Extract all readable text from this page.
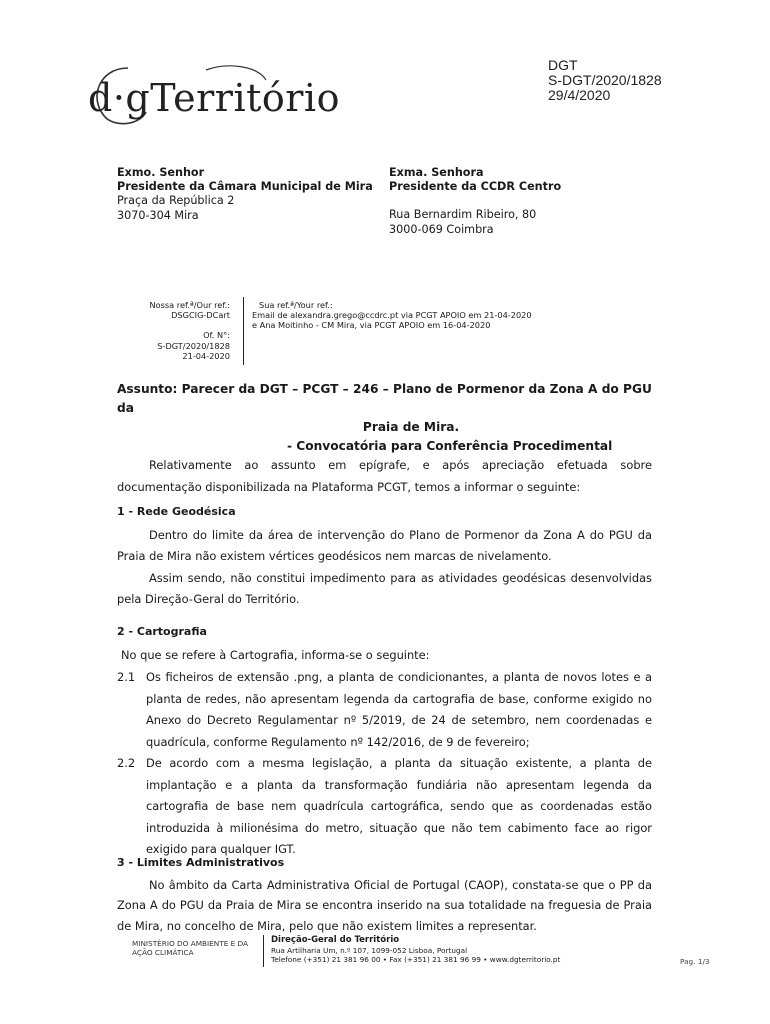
d·gTerritório
DGT
S-DGT/2020/1828
29/4/2020
Exmo. Senhor
Presidente da Câmara Municipal de Mira
Praça da República 2
3070-304 Mira
Exma. Senhora
Presidente da CCDR Centro
Rua Bernardim Ribeiro, 80
3000-069 Coimbra
Nossa ref.ª/Our ref.:
DSGCIG-DCart
Of. N°:
S-DGT/2020/1828
21-04-2020
Sua ref.ª/Your ref.:
Email de alexandra.grego@ccdrc.pt via PCGT APOIO em 21-04-2020
e Ana Moitinho - CM Mira, via PCGT APOIO em 16-04-2020
Assunto: Parecer da DGT – PCGT – 246 – Plano de Pormenor da Zona A do PGU da
Praia de Mira.
- Convocatória para Conferência Procedimental

Relativamente ao assunto em epígrafe, e após apreciação efetuada sobre documentação disponibilizada na Plataforma PCGT, temos a informar o seguinte:

1 - Rede Geodésica

Dentro do limite da área de intervenção do Plano de Pormenor da Zona A do PGU da Praia de Mira não existem vértices geodésicos nem marcas de nivelamento.

Assim sendo, não constitui impedimento para as atividades geodésicas desenvolvidas pela Direção-Geral do Território.

2 - Cartografia

No que se refere à Cartografia, informa-se o seguinte:

2.1 Os ficheiros de extensão .png, a planta de condicionantes, a planta de novos lotes e a planta de redes, não apresentam legenda da cartografia de base, conforme exigido no Anexo do Decreto Regulamentar nº 5/2019, de 24 de setembro, nem coordenadas e quadrícula, conforme Regulamento nº 142/2016, de 9 de fevereiro;

2.2 De acordo com a mesma legislação, a planta da situação existente, a planta de implantação e a planta da transformação fundiária não apresentam legenda da cartografia de base nem quadrícula cartográfica, sendo que as coordenadas estão introduzida à milionésima do metro, situação que não tem cabimento face ao rigor exigido para qualquer IGT.

3 - Limites Administrativos

No âmbito da Carta Administrativa Oficial de Portugal (CAOP), constata-se que o PP da Zona A do PGU da Praia de Mira se encontra inserido na sua totalidade na freguesia de Praia de Mira, no concelho de Mira, pelo que não existem limites a representar.

MINISTÉRIO DO AMBIENTE E DA AÇÃO CLIMÁTICA
Direção-Geral do Território
Rua Artilharia Um, n.º 107, 1099-052 Lisboa, Portugal
Telefone (+351) 21 381 96 00 • Fax (+351) 21 381 96 99 • www.dgterritorio.pt	Pag. 1/3
